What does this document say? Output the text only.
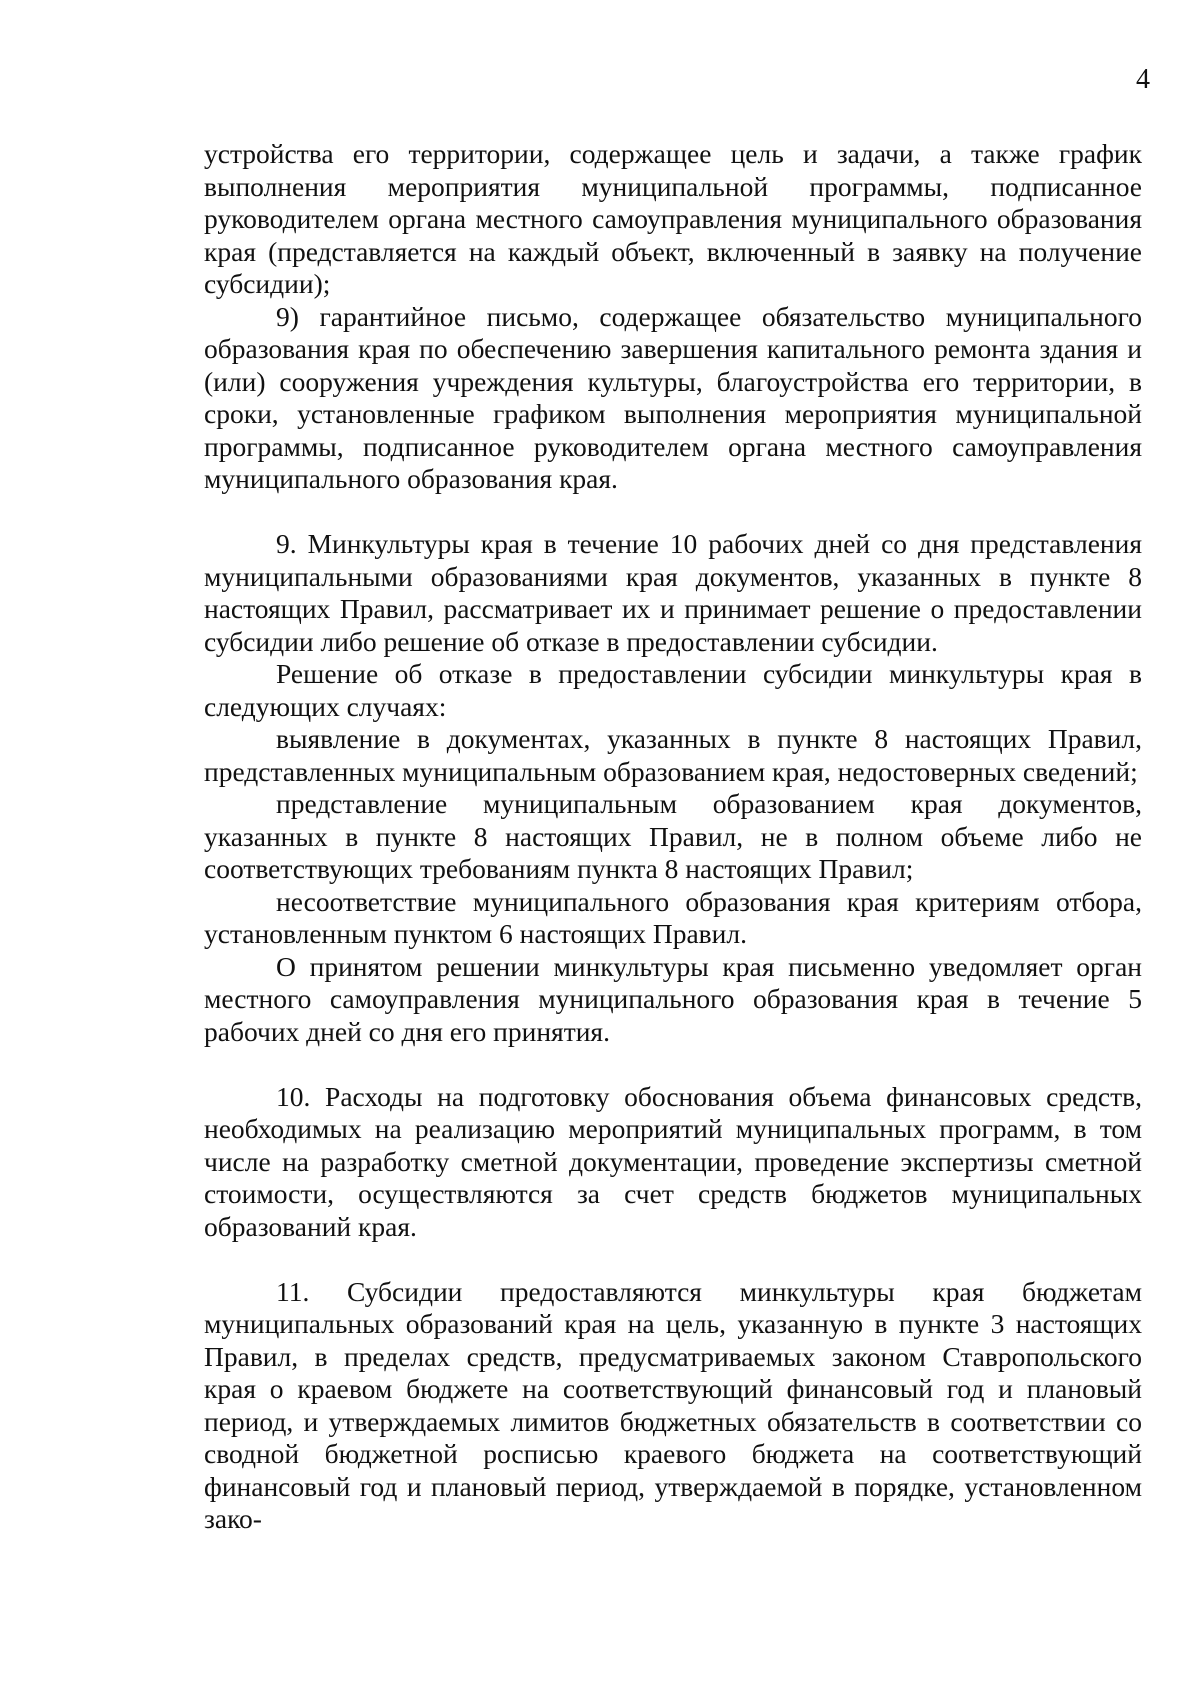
4

устройства его территории, содержащее цель и задачи, а также график выполнения мероприятия муниципальной программы, подписанное руководителем органа местного самоуправления муниципального образования края (представляется на каждый объект, включенный в заявку на получение субсидии);

9) гарантийное письмо, содержащее обязательство муниципального образования края по обеспечению завершения капитального ремонта здания и (или) сооружения учреждения культуры, благоустройства его территории, в сроки, установленные графиком выполнения мероприятия муниципальной программы, подписанное руководителем органа местного самоуправления муниципального образования края.

9. Минкультуры края в течение 10 рабочих дней со дня представления муниципальными образованиями края документов, указанных в пункте 8 настоящих Правил, рассматривает их и принимает решение о предоставлении субсидии либо решение об отказе в предоставлении субсидии.

Решение об отказе в предоставлении субсидии минкультуры края в следующих случаях:

выявление в документах, указанных в пункте 8 настоящих Правил, представленных муниципальным образованием края, недостоверных сведений;

представление муниципальным образованием края документов, указанных в пункте 8 настоящих Правил, не в полном объеме либо не соответствующих требованиям пункта 8 настоящих Правил;

несоответствие муниципального образования края критериям отбора, установленным пунктом 6 настоящих Правил.

О принятом решении минкультуры края письменно уведомляет орган местного самоуправления муниципального образования края в течение 5 рабочих дней со дня его принятия.

10. Расходы на подготовку обоснования объема финансовых средств, необходимых на реализацию мероприятий муниципальных программ, в том числе на разработку сметной документации, проведение экспертизы сметной стоимости, осуществляются за счет средств бюджетов муниципальных образований края.

11. Субсидии предоставляются минкультуры края бюджетам муниципальных образований края на цель, указанную в пункте 3 настоящих Правил, в пределах средств, предусматриваемых законом Ставропольского края о краевом бюджете на соответствующий финансовый год и плановый период, и утверждаемых лимитов бюджетных обязательств в соответствии со сводной бюджетной росписью краевого бюджета на соответствующий финансовый год и плановый период, утверждаемой в порядке, установленном зако-
